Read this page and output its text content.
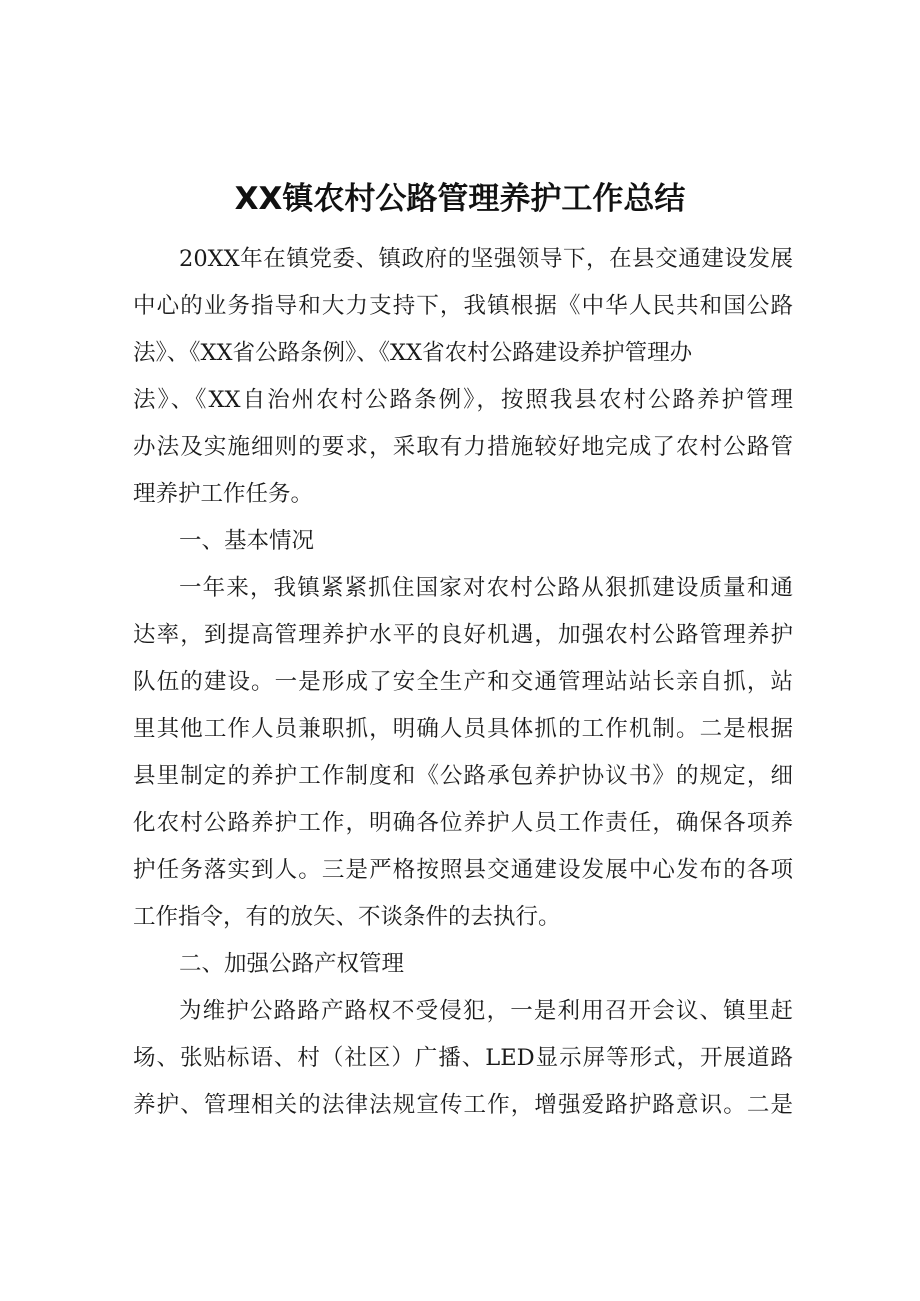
XX镇农村公路管理养护工作总结

20XX年在镇党委、镇政府的坚强领导下，在县交通建设发展

中心的业务指导和大力支持下，我镇根据《中华人民共和国公路

法》、《XX省公路条例》、《XX省农村公路建设养护管理办

法》、《XX自治州农村公路条例》，按照我县农村公路养护管理

办法及实施细则的要求，采取有力措施较好地完成了农村公路管

理养护工作任务。

一、基本情况

一年来，我镇紧紧抓住国家对农村公路从狠抓建设质量和通

达率，到提高管理养护水平的良好机遇，加强农村公路管理养护

队伍的建设。一是形成了安全生产和交通管理站站长亲自抓，站

里其他工作人员兼职抓，明确人员具体抓的工作机制。二是根据

县里制定的养护工作制度和《公路承包养护协议书》的规定，细

化农村公路养护工作，明确各位养护人员工作责任，确保各项养

护任务落实到人。三是严格按照县交通建设发展中心发布的各项

工作指令，有的放矢、不谈条件的去执行。

二、加强公路产权管理

为维护公路路产路权不受侵犯，一是利用召开会议、镇里赶

场、张贴标语、村（社区）广播、LED显示屏等形式，开展道路

养护、管理相关的法律法规宣传工作，增强爱路护路意识。二是
